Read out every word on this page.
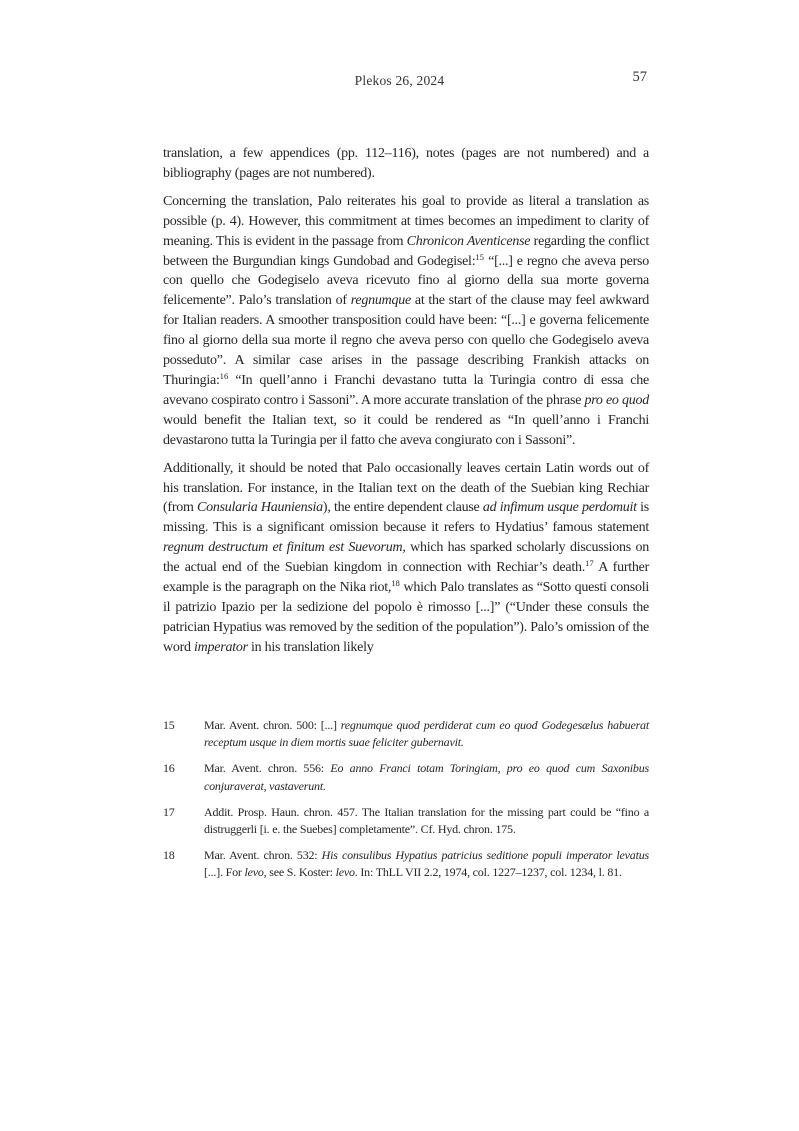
Plekos 26, 2024	57

translation, a few appendices (pp. 112–116), notes (pages are not numbered) and a bibliography (pages are not numbered).

Concerning the translation, Palo reiterates his goal to provide as literal a translation as possible (p. 4). However, this commitment at times becomes an impediment to clarity of meaning. This is evident in the passage from Chronicon Aventicense regarding the conflict between the Burgundian kings Gundobad and Godegisel:$^{15}$ “[...] e regno che aveva perso con quello che Godegiselo aveva ricevuto fino al giorno della sua morte governa felicemente”. Palo’s translation of regnumque at the start of the clause may feel awkward for Italian readers. A smoother transposition could have been: “[...] e governa felicemente fino al giorno della sua morte il regno che aveva perso con quello che Godegiselo aveva posseduto”. A similar case arises in the passage describing Frankish attacks on Thuringia:$^{16}$ “In quell’anno i Franchi devastano tutta la Turingia contro di essa che avevano cospirato contro i Sassoni”. A more accurate translation of the phrase pro eo quod would benefit the Italian text, so it could be rendered as “In quell’anno i Franchi devastarono tutta la Turingia per il fatto che aveva congiurato con i Sassoni”.

Additionally, it should be noted that Palo occasionally leaves certain Latin words out of his translation. For instance, in the Italian text on the death of the Suebian king Rechiar (from Consularia Hauniensia), the entire dependent clause ad infimum usque perdomuit is missing. This is a significant omission because it refers to Hydatius’ famous statement regnum destructum et finitum est Suevorum, which has sparked scholarly discussions on the actual end of the Suebian kingdom in connection with Rechiar’s death.$^{17}$ A further example is the paragraph on the Nika riot,$^{18}$ which Palo translates as “Sotto questi consoli il patrizio Ipazio per la sedizione del popolo è rimosso [...]” (“Under these consuls the patrician Hypatius was removed by the sedition of the population”). Palo’s omission of the word imperator in his translation likely

15	Mar. Avent. chron. 500: [...] regnumque quod perdiderat cum eo quod Godegesælus habuerat receptum usque in diem mortis suae feliciter gubernavit.
16	Mar. Avent. chron. 556: Eo anno Franci totam Toringiam, pro eo quod cum Saxonibus conjuraverat, vastaverunt.
17	Addit. Prosp. Haun. chron. 457. The Italian translation for the missing part could be “fino a distruggerli [i. e. the Suebes] completamente”. Cf. Hyd. chron. 175.
18	Mar. Avent. chron. 532: His consulibus Hypatius patricius seditione populi imperator levatus [...]. For levo, see S. Koster: levo. In: ThLL VII 2.2, 1974, col. 1227–1237, col. 1234, l. 81.
